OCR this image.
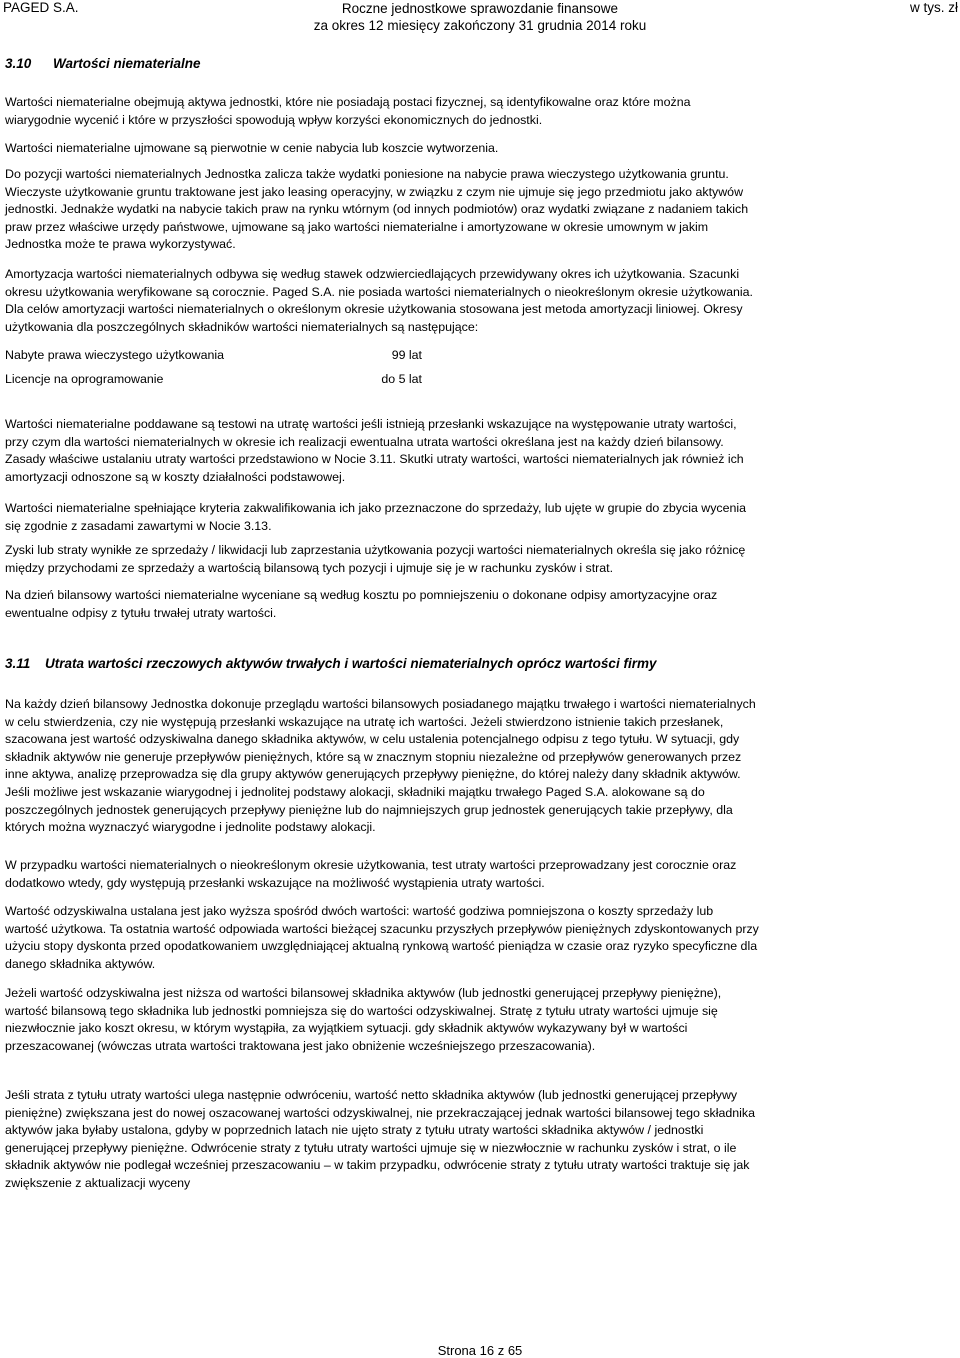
PAGED S.A.	Roczne jednostkowe sprawozdanie finansowe
za okres 12 miesięcy zakończony 31 grudnia 2014 roku
w tys. zł
3.10 Wartości niematerialne
Wartości niematerialne obejmują aktywa jednostki, które nie posiadają postaci fizycznej, są identyfikowalne oraz które można
wiarygodnie wycenić i które w przyszłości spowodują wpływ korzyści ekonomicznych do jednostki.
Wartości niematerialne ujmowane są pierwotnie w cenie nabycia lub koszcie wytworzenia.
Do pozycji wartości niematerialnych Jednostka zalicza także wydatki poniesione na nabycie prawa wieczystego użytkowania gruntu.
Wieczyste użytkowanie gruntu traktowane jest jako leasing operacyjny, w związku z czym nie ujmuje się jego przedmiotu jako aktywów
jednostki. Jednakże wydatki na nabycie takich praw na rynku wtórnym (od innych podmiotów) oraz wydatki związane z nadaniem takich
praw przez właściwe urzędy państwowe, ujmowane są jako wartości niematerialne i amortyzowane w okresie umownym w jakim
Jednostka może te prawa wykorzystywać.
Amortyzacja wartości niematerialnych odbywa się według stawek odzwierciedlających przewidywany okres ich użytkowania. Szacunki
okresu użytkowania weryfikowane są corocznie. Paged S.A. nie posiada wartości niematerialnych o nieokreślonym okresie użytkowania.
Dla celów amortyzacji wartości niematerialnych o określonym okresie użytkowania stosowana jest metoda amortyzacji liniowej. Okresy
użytkowania dla poszczególnych składników wartości niematerialnych są następujące:
Nabyte prawa wieczystego użytkowania	99 lat
Licencje na oprogramowanie	do 5 lat
Wartości niematerialne poddawane są testowi na utratę wartości jeśli istnieją przesłanki wskazujące na występowanie utraty wartości,
przy czym dla wartości niematerialnych w okresie ich realizacji ewentualna utrata wartości określana jest na każdy dzień bilansowy.
Zasady właściwe ustalaniu utraty wartości przedstawiono w Nocie 3.11. Skutki utraty wartości, wartości niematerialnych jak również ich
amortyzacji odnoszone są w koszty działalności podstawowej.
Wartości niematerialne spełniające kryteria zakwalifikowania ich jako przeznaczone do sprzedaży, lub ujęte w grupie do zbycia wycenia
się zgodnie z zasadami zawartymi w Nocie 3.13.
Zyski lub straty wynikłe ze sprzedaży / likwidacji lub zaprzestania użytkowania pozycji wartości niematerialnych określa się jako różnicę
między przychodami ze sprzedaży a wartością bilansową tych pozycji i ujmuje się je w rachunku zysków i strat.
Na dzień bilansowy wartości niematerialne wyceniane są według kosztu po pomniejszeniu o dokonane odpisy amortyzacyjne oraz
ewentualne odpisy z tytułu trwałej utraty wartości.
3.11 Utrata wartości rzeczowych aktywów trwałych i wartości niematerialnych oprócz wartości firmy
Na każdy dzień bilansowy Jednostka dokonuje przeglądu wartości bilansowych posiadanego majątku trwałego i wartości niematerialnych
w celu stwierdzenia, czy nie występują przesłanki wskazujące na utratę ich wartości. Jeżeli stwierdzono istnienie takich przesłanek,
szacowana jest wartość odzyskiwalna danego składnika aktywów, w celu ustalenia potencjalnego odpisu z tego tytułu. W sytuacji, gdy
składnik aktywów nie generuje przepływów pieniężnych, które są w znacznym stopniu niezależne od przepływów generowanych przez
inne aktywa, analizę przeprowadza się dla grupy aktywów generujących przepływy pieniężne, do której należy dany składnik aktywów.
Jeśli możliwe jest wskazanie wiarygodnej i jednolitej podstawy alokacji, składniki majątku trwałego Paged S.A. alokowane są do
poszczególnych jednostek generujących przepływy pieniężne lub do najmniejszych grup jednostek generujących takie przepływy, dla
których można wyznaczyć wiarygodne i jednolite podstawy alokacji.
W przypadku wartości niematerialnych o nieokreślonym okresie użytkowania, test utraty wartości przeprowadzany jest corocznie oraz
dodatkowo wtedy, gdy występują przesłanki wskazujące na możliwość wystąpienia utraty wartości.
Wartość odzyskiwalna ustalana jest jako wyższa spośród dwóch wartości: wartość godziwa pomniejszona o koszty sprzedaży lub
wartość użytkowa. Ta ostatnia wartość odpowiada wartości bieżącej szacunku przyszłych przepływów pieniężnych zdyskontowanych przy
użyciu stopy dyskonta przed opodatkowaniem uwzględniającej aktualną rynkową wartość pieniądza w czasie oraz ryzyko specyficzne dla
danego składnika aktywów.
Jeżeli wartość odzyskiwalna jest niższa od wartości bilansowej składnika aktywów (lub jednostki generującej przepływy pieniężne),
wartość bilansową tego składnika lub jednostki pomniejsza się do wartości odzyskiwalnej. Stratę z tytułu utraty wartości ujmuje się
niezwłocznie jako koszt okresu, w którym wystąpiła, za wyjątkiem sytuacji. gdy składnik aktywów wykazywany był w wartości
przeszacowanej (wówczas utrata wartości traktowana jest jako obniżenie wcześniejszego przeszacowania).
Jeśli strata z tytułu utraty wartości ulega następnie odwróceniu, wartość netto składnika aktywów (lub jednostki generującej przepływy
pieniężne) zwiększana jest do nowej oszacowanej wartości odzyskiwalnej, nie przekraczającej jednak wartości bilansowej tego składnika
aktywów jaka byłaby ustalona, gdyby w poprzednich latach nie ujęto straty z tytułu utraty wartości składnika aktywów / jednostki
generującej przepływy pieniężne. Odwrócenie straty z tytułu utraty wartości ujmuje się w niezwłocznie w rachunku zysków i strat, o ile
składnik aktywów nie podlegał wcześniej przeszacowaniu – w takim przypadku, odwrócenie straty z tytułu utraty wartości traktuje się jak
zwiększenie z aktualizacji wyceny
Strona 16 z 65
